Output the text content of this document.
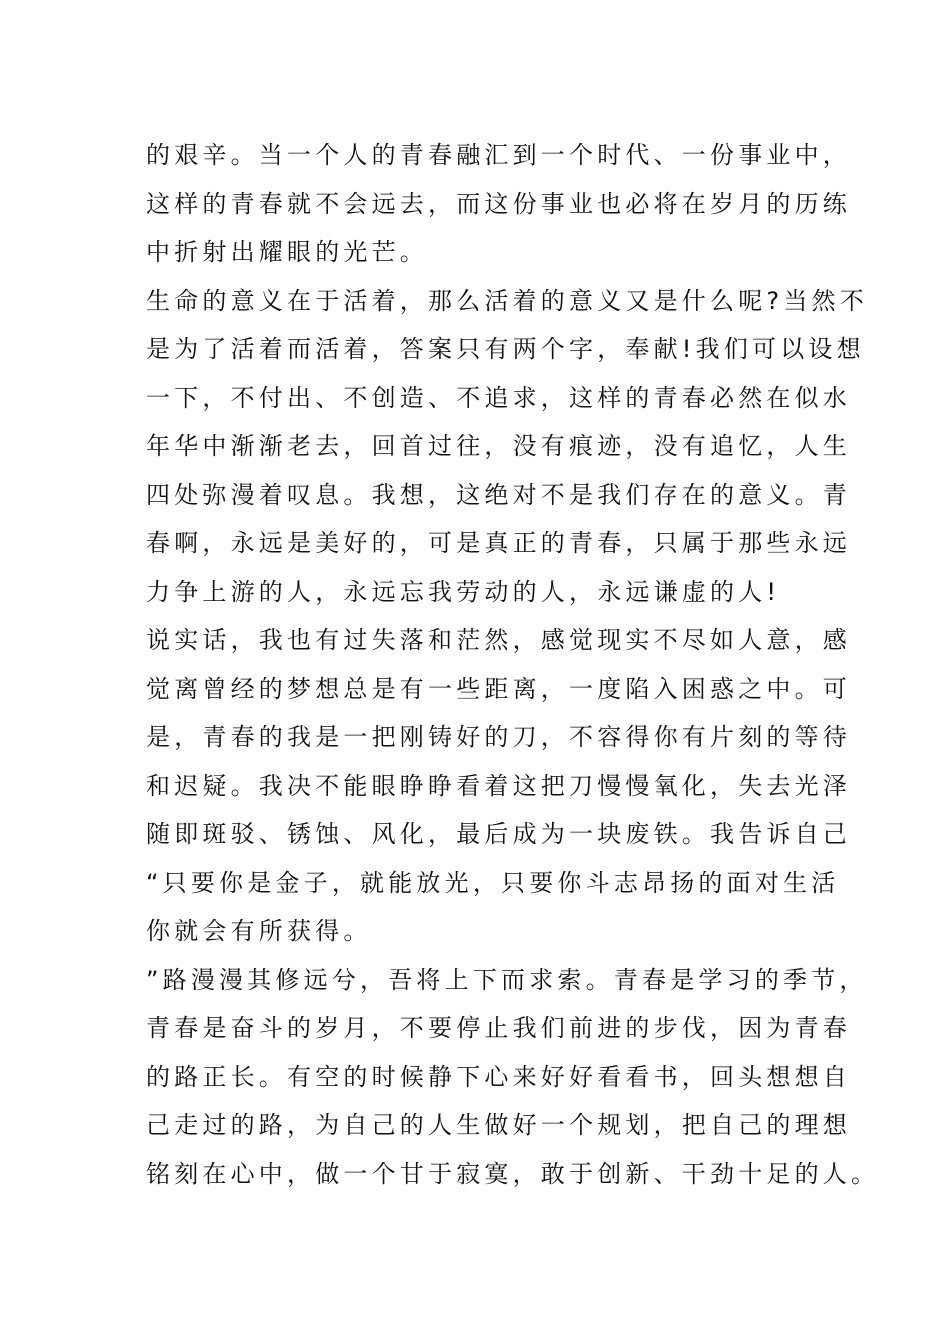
的艰辛。当一个人的青春融汇到一个时代、一份事业中，
这样的青春就不会远去，而这份事业也必将在岁月的历练
中折射出耀眼的光芒。
生命的意义在于活着，那么活着的意义又是什么呢?当然不
是为了活着而活着，答案只有两个字，奉献!我们可以设想
一下，不付出、不创造、不追求，这样的青春必然在似水
年华中渐渐老去，回首过往，没有痕迹，没有追忆，人生
四处弥漫着叹息。我想，这绝对不是我们存在的意义。青
春啊，永远是美好的，可是真正的青春，只属于那些永远
力争上游的人，永远忘我劳动的人，永远谦虚的人!
说实话，我也有过失落和茫然，感觉现实不尽如人意，感
觉离曾经的梦想总是有一些距离，一度陷入困惑之中。可
是，青春的我是一把刚铸好的刀，不容得你有片刻的等待
和迟疑。我决不能眼睁睁看着这把刀慢慢氧化，失去光泽
随即斑驳、锈蚀、风化，最后成为一块废铁。我告诉自己
“只要你是金子，就能放光，只要你斗志昂扬的面对生活
你就会有所获得。
”路漫漫其修远兮，吾将上下而求索。青春是学习的季节，
青春是奋斗的岁月，不要停止我们前进的步伐，因为青春
的路正长。有空的时候静下心来好好看看书，回头想想自
己走过的路，为自己的人生做好一个规划，把自己的理想
铭刻在心中，做一个甘于寂寞，敢于创新、干劲十足的人。
